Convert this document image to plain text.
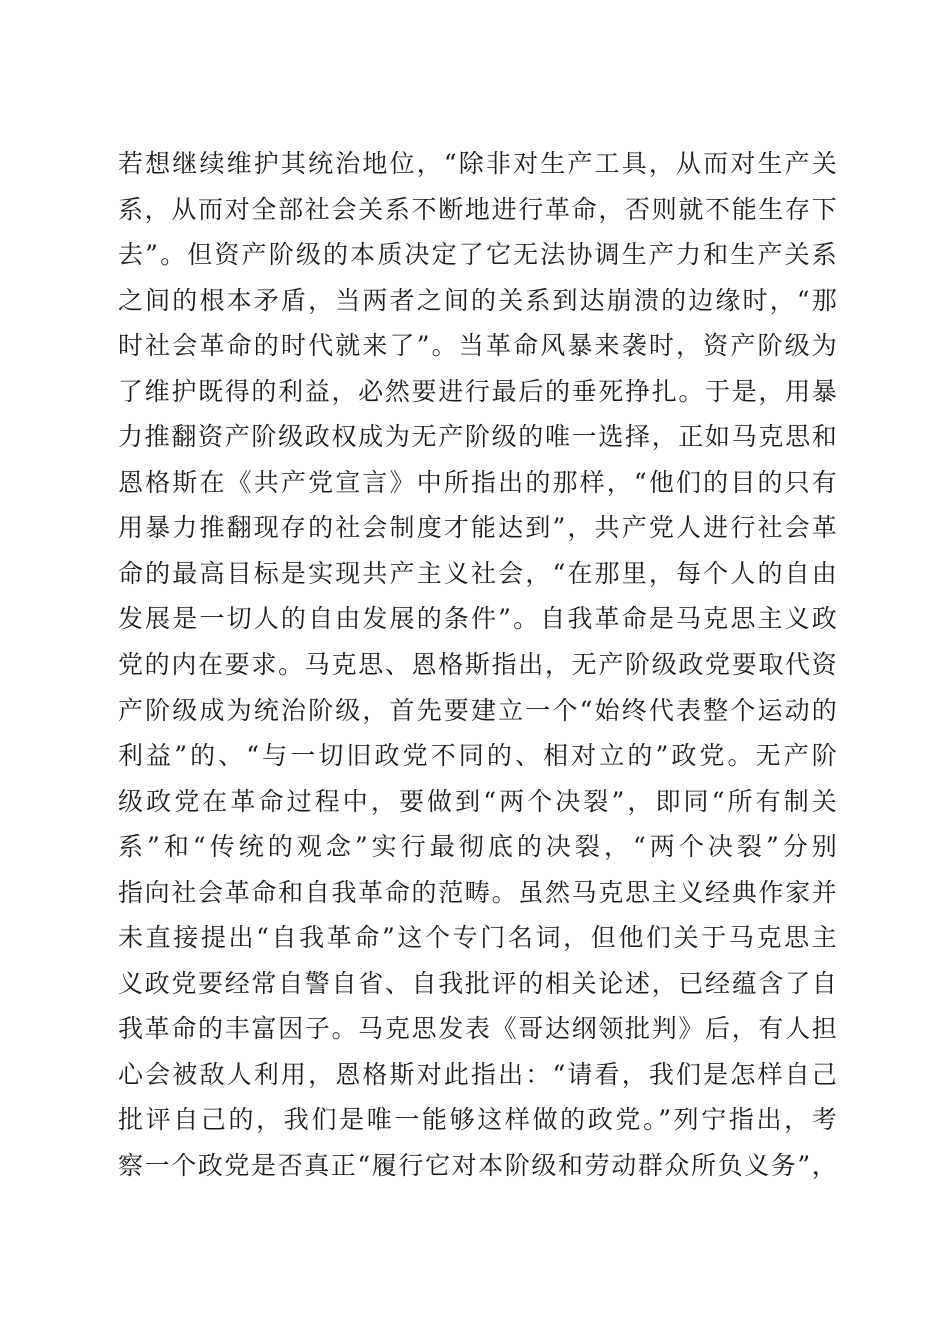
若想继续维护其统治地位，“除非对生产工具，从而对生产关
系，从而对全部社会关系不断地进行革命，否则就不能生存下
去”。但资产阶级的本质决定了它无法协调生产力和生产关系
之间的根本矛盾，当两者之间的关系到达崩溃的边缘时，“那
时社会革命的时代就来了”。当革命风暴来袭时，资产阶级为
了维护既得的利益，必然要进行最后的垂死挣扎。于是，用暴
力推翻资产阶级政权成为无产阶级的唯一选择，正如马克思和
恩格斯在《共产党宣言》中所指出的那样，“他们的目的只有
用暴力推翻现存的社会制度才能达到”，共产党人进行社会革
命的最高目标是实现共产主义社会，“在那里，每个人的自由
发展是一切人的自由发展的条件”。自我革命是马克思主义政
党的内在要求。马克思、恩格斯指出，无产阶级政党要取代资
产阶级成为统治阶级，首先要建立一个“始终代表整个运动的
利益”的、“与一切旧政党不同的、相对立的”政党。无产阶
级政党在革命过程中，要做到“两个决裂”，即同“所有制关
系”和“传统的观念”实行最彻底的决裂，“两个决裂”分别
指向社会革命和自我革命的范畴。虽然马克思主义经典作家并
未直接提出“自我革命”这个专门名词，但他们关于马克思主
义政党要经常自警自省、自我批评的相关论述，已经蕴含了自
我革命的丰富因子。马克思发表《哥达纲领批判》后，有人担
心会被敌人利用，恩格斯对此指出：“请看，我们是怎样自己
批评自己的，我们是唯一能够这样做的政党。”列宁指出，考
察一个政党是否真正“履行它对本阶级和劳动群众所负义务”，
